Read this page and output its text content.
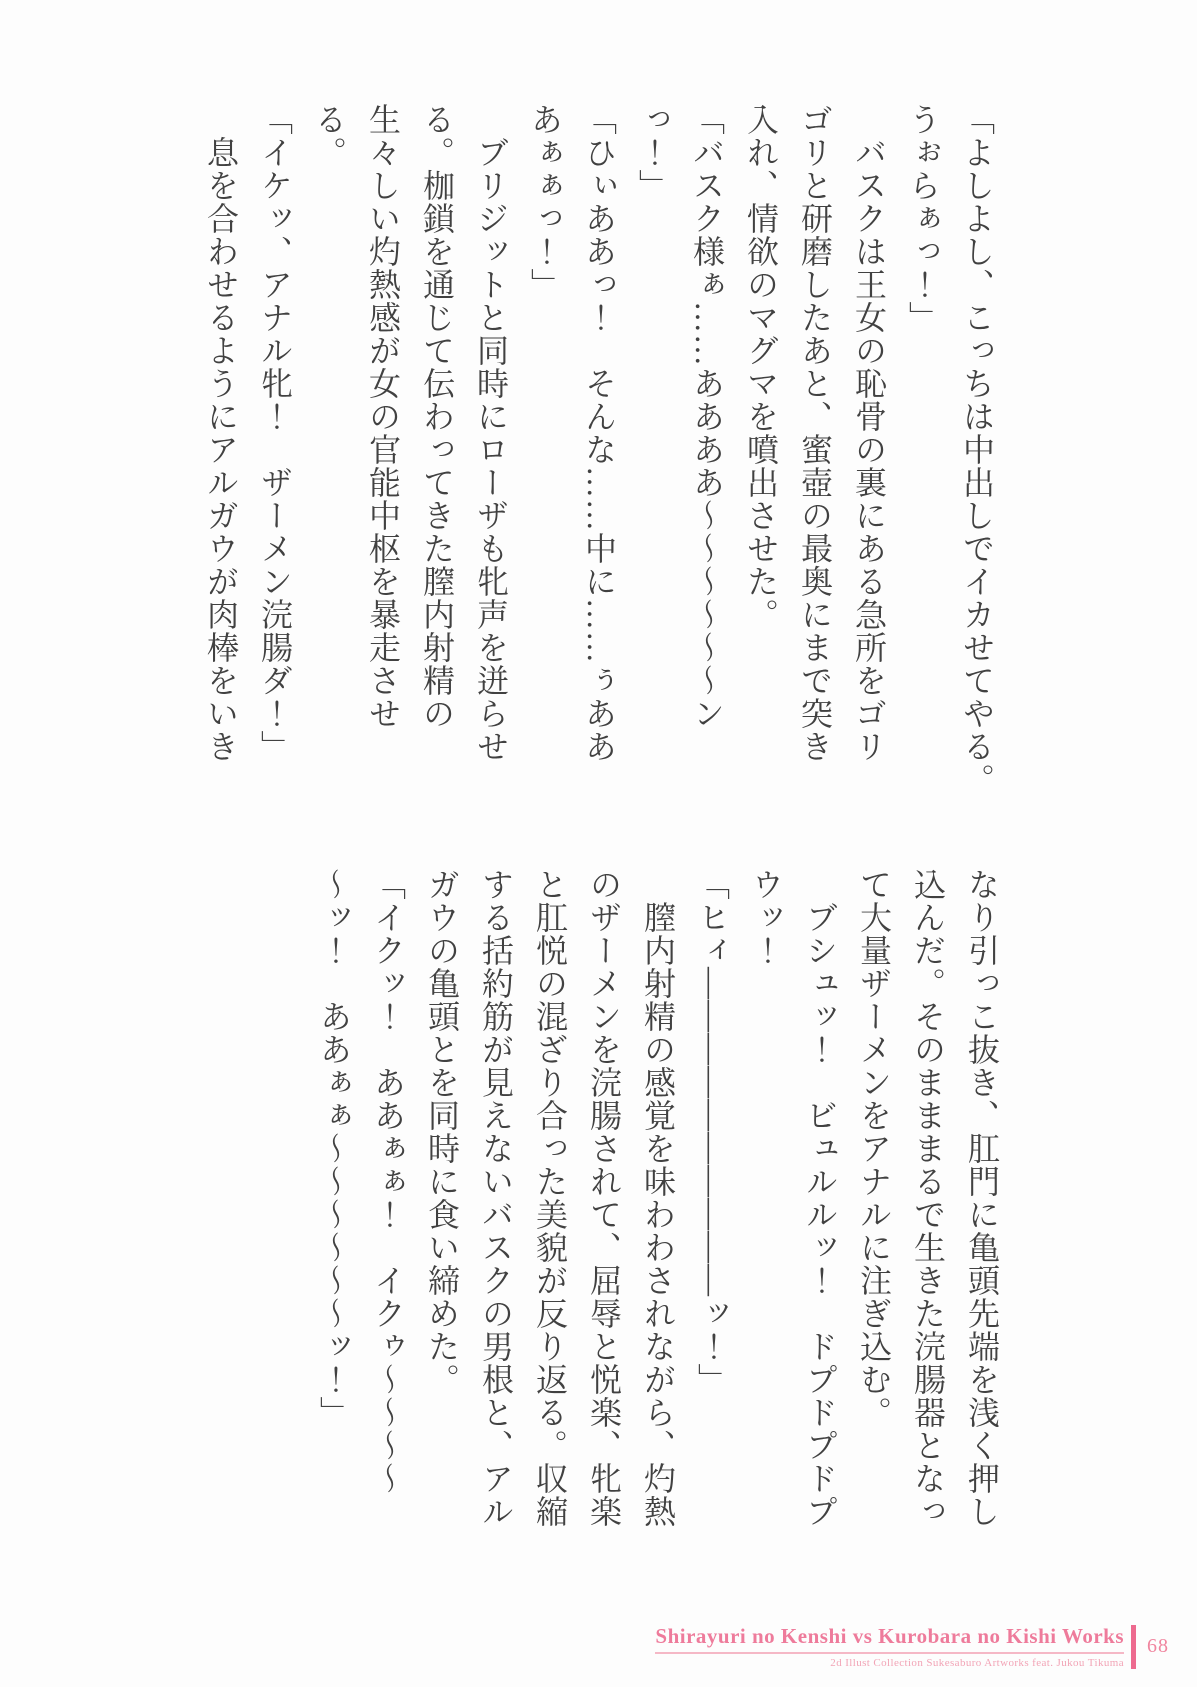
「よしよし、こっちは中出しでイカせてやる。
うぉらぁっ！」
　バスクは王女の恥骨の裏にある急所をゴリ
ゴリと研磨したあと、蜜壺の最奥にまで突き
入れ、情欲のマグマを噴出させた。
「バスク様ぁ……ああああ〜〜〜〜〜〜ン
っ！」
「ひぃああっ！　そんな……中に……ぅああ
あぁぁっ！」
　ブリジットと同時にローザも牝声を迸らせ
る。枷鎖を通じて伝わってきた膣内射精の
生々しい灼熱感が女の官能中枢を暴走させ
る。
「イケッ、アナル牝！　ザーメン浣腸ダ！」
　息を合わせるようにアルガウが肉棒をいき
なり引っこ抜き、肛門に亀頭先端を浅く押し
込んだ。そのまままるで生きた浣腸器となっ
て大量ザーメンをアナルに注ぎ込む。
　ブシュッ！　ビュルルッ！　ドプドプドプ
ウッ！
「ヒィ――――――――――ッ！」
　膣内射精の感覚を味わわされながら、灼熱
のザーメンを浣腸されて、屈辱と悦楽、牝楽
と肛悦の混ざり合った美貌が反り返る。収縮
する括約筋が見えないバスクの男根と、アル
ガウの亀頭とを同時に食い締めた。
「イクッ！　ああぁぁ！　イクゥ〜〜〜〜
〜ッ！　ああぁぁ〜〜〜〜〜〜ッ！」
Shirayuri no Kenshi vs Kurobara no Kishi Works
2d Illust Collection Sukesaburo Artworks feat. Jukou Tikuma
68
